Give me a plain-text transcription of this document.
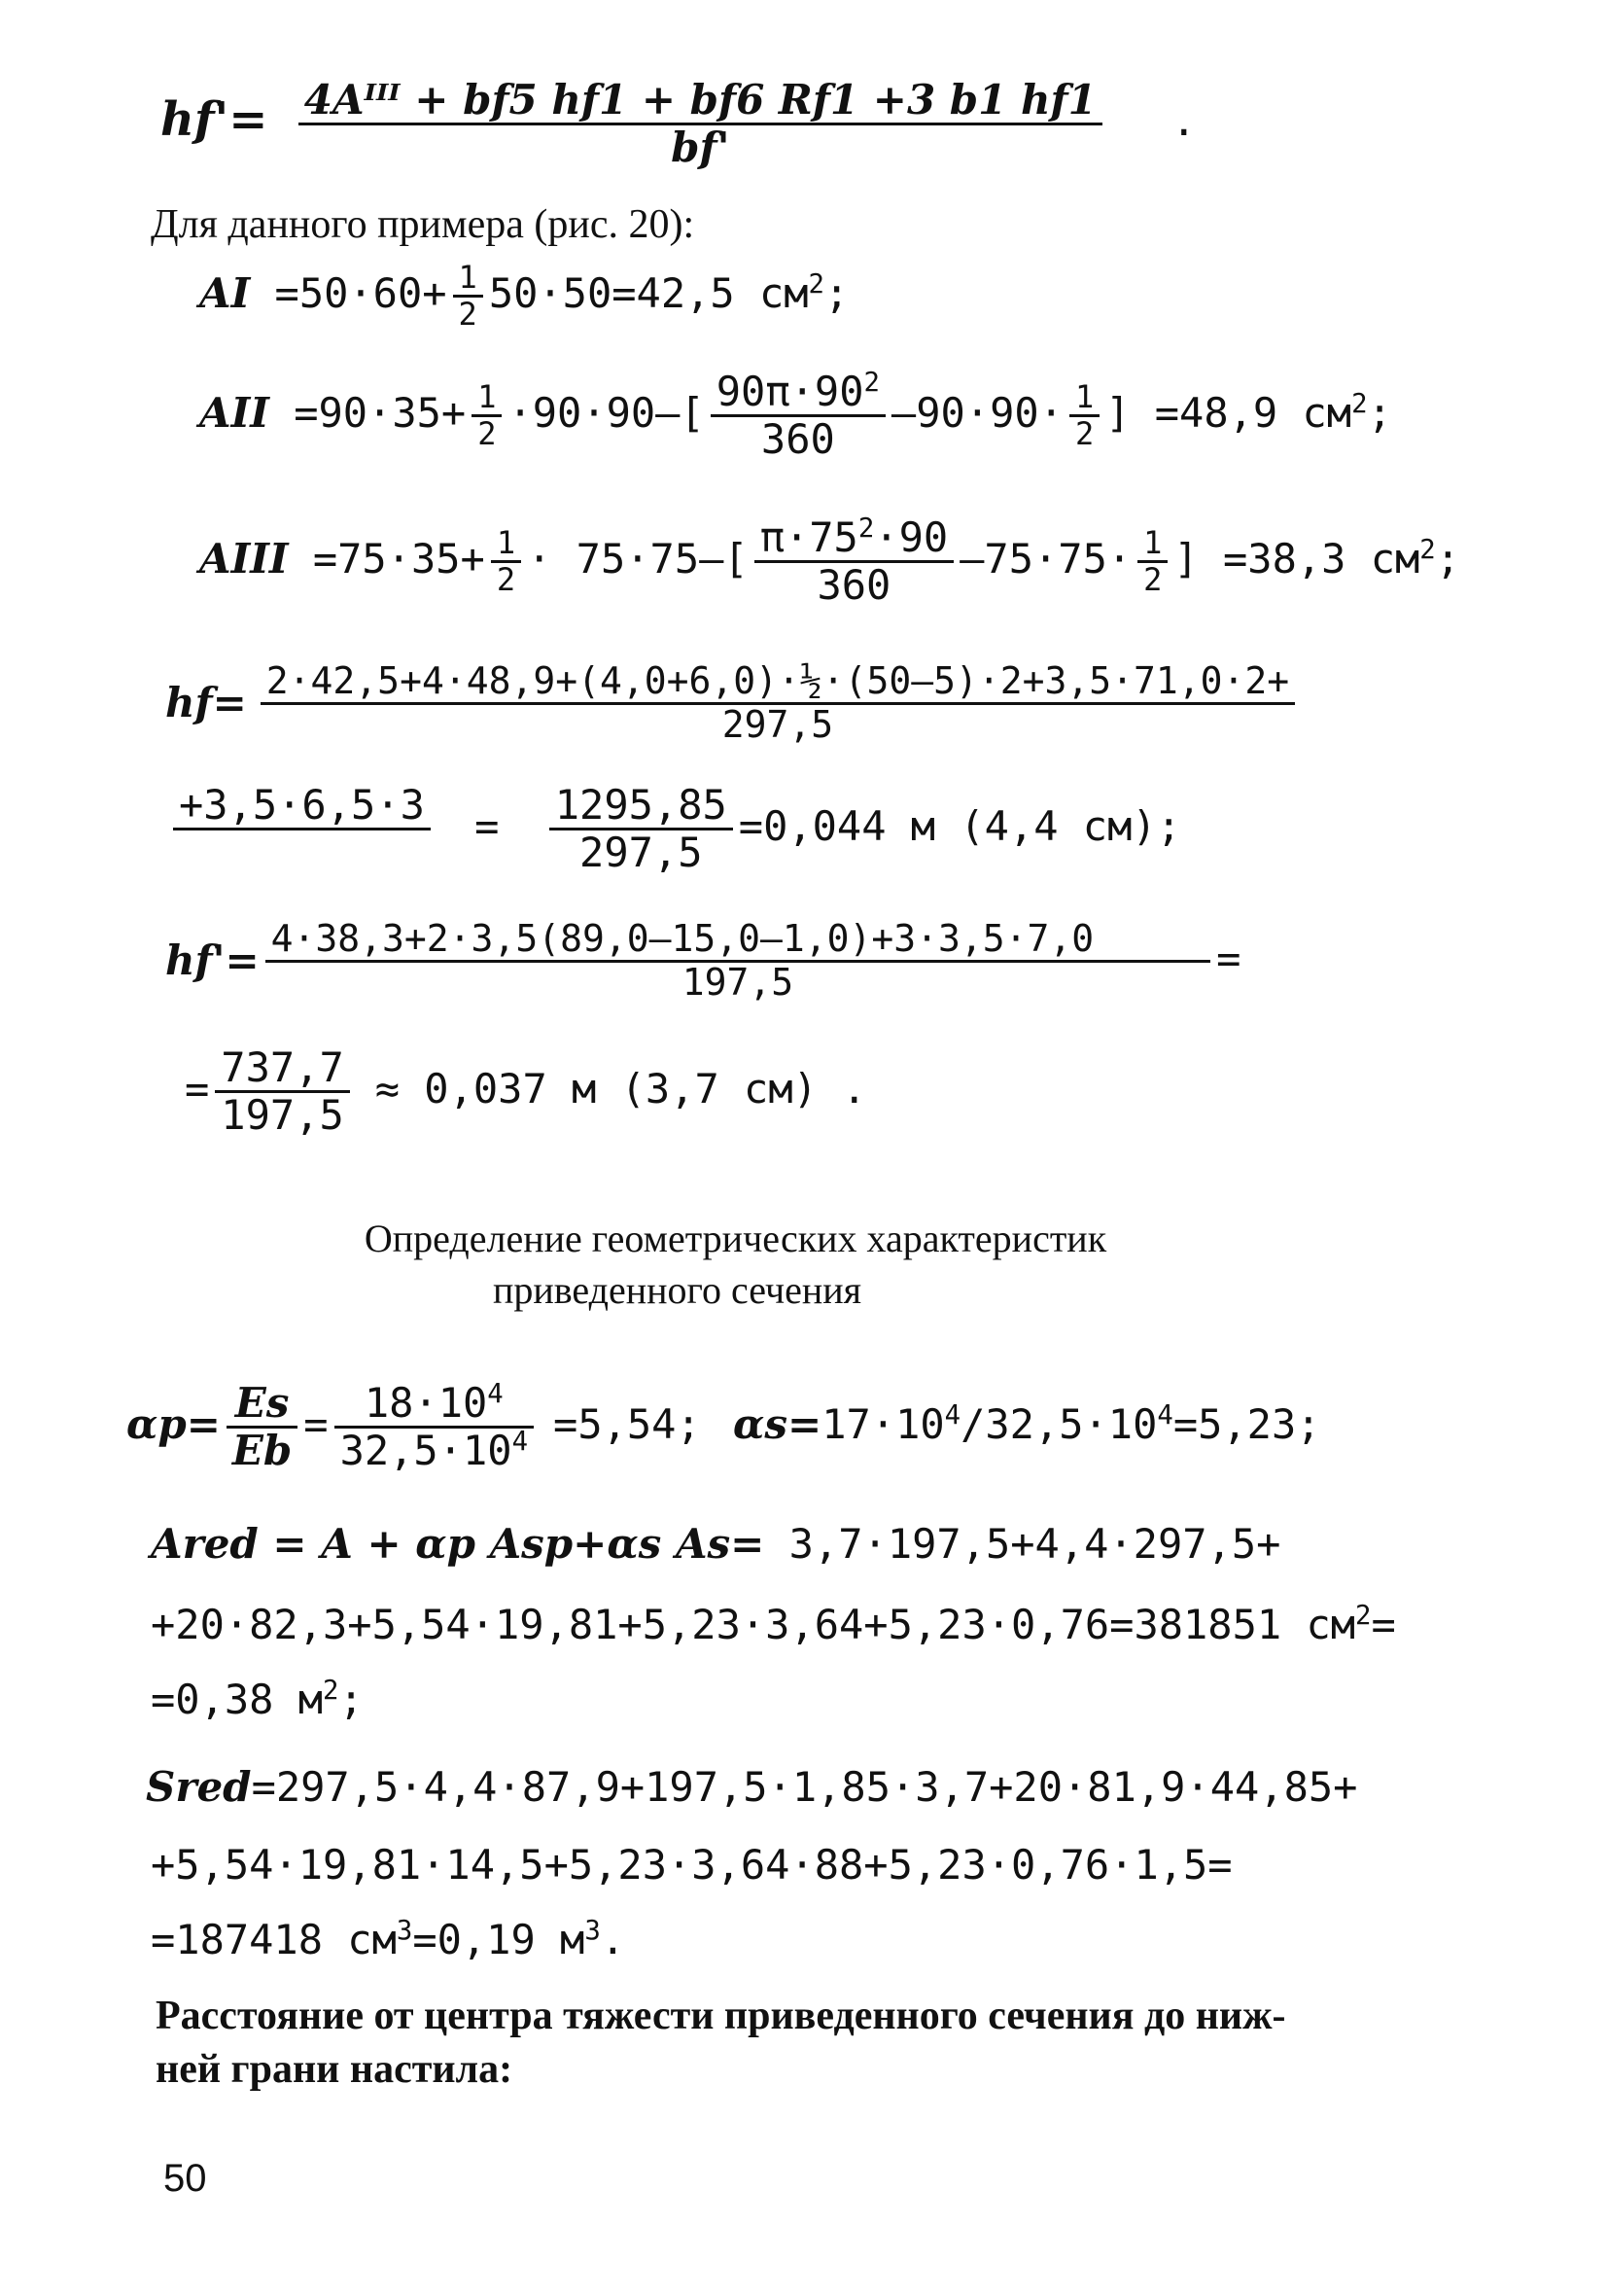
$hf'= \frac{\text{4Aᴵᴵᴵ + bf5 hf1 + bf6 Rf1 +3 b1 hf1}}{bf'}$ .
Для данного примера (рис. 20):
AI $=50\cdot 60+ \frac{1}{2} 50\cdot 50=42,5$ $см^2$;
AII $=90\cdot 35+ \frac{1}{2} \cdot 90\cdot 90-[ \frac{90\pi\cdot 90^2}{360} -90\cdot 90\cdot \frac{1}{2}$ ] =48,9 $см^2$;
AIII $=75\cdot 35+ \frac{1}{2} \cdot 75\cdot 75-[ \frac{\pi\cdot 75^2\cdot 90}{360} -75\cdot 75\cdot \frac{1}{2}$ ] =38,3 $см^2$;
$hf= \frac{\text{2·42,5+4·48,9+(4,0+6,0)·½·(50–5)·2+3,5·71,0·2+}}{297,5}$
$+3,5\cdot 6,5\cdot 3 = \frac{1295,85}{297,5} =0,044$ м (4,4 см);
$hf'= \frac{4\cdot 38,3+2\cdot 3,5(89,0-15,0-1,0)+3\cdot 3,5\cdot 7,0}{197,5}$ =
= $\frac{737,7}{197,5} \approx 0,037$ м (3,7 см) .
Определение геометрических характеристик
приведенного сечения
$\alpha p= \frac{Es}{Eb} = \frac{18\cdot 10^4}{32,5\cdot 10^4} =5,54$; $\alpha s=17\cdot 10^4/32,5\cdot 10^4=5,23$;
Ared = A + αp Asp+αs As= 3,7·197,5+4,4·297,5+
+20·82,3+5,54·19,81+5,23·3,64+5,23·0,76=381851 $см^2=$
=0,38 $м^2$;
Sred=297,5·4,4·87,9+197,5·1,85·3,7+20·81,9·44,85+
+5,54·19,81·14,5+5,23·3,64·88+5,23·0,76·1,5=
=187418 $см^3=0,19$ $м^3$.
Расстояние от центра тяжести приведенного сечения до ниж-
ней грани настила:
50
